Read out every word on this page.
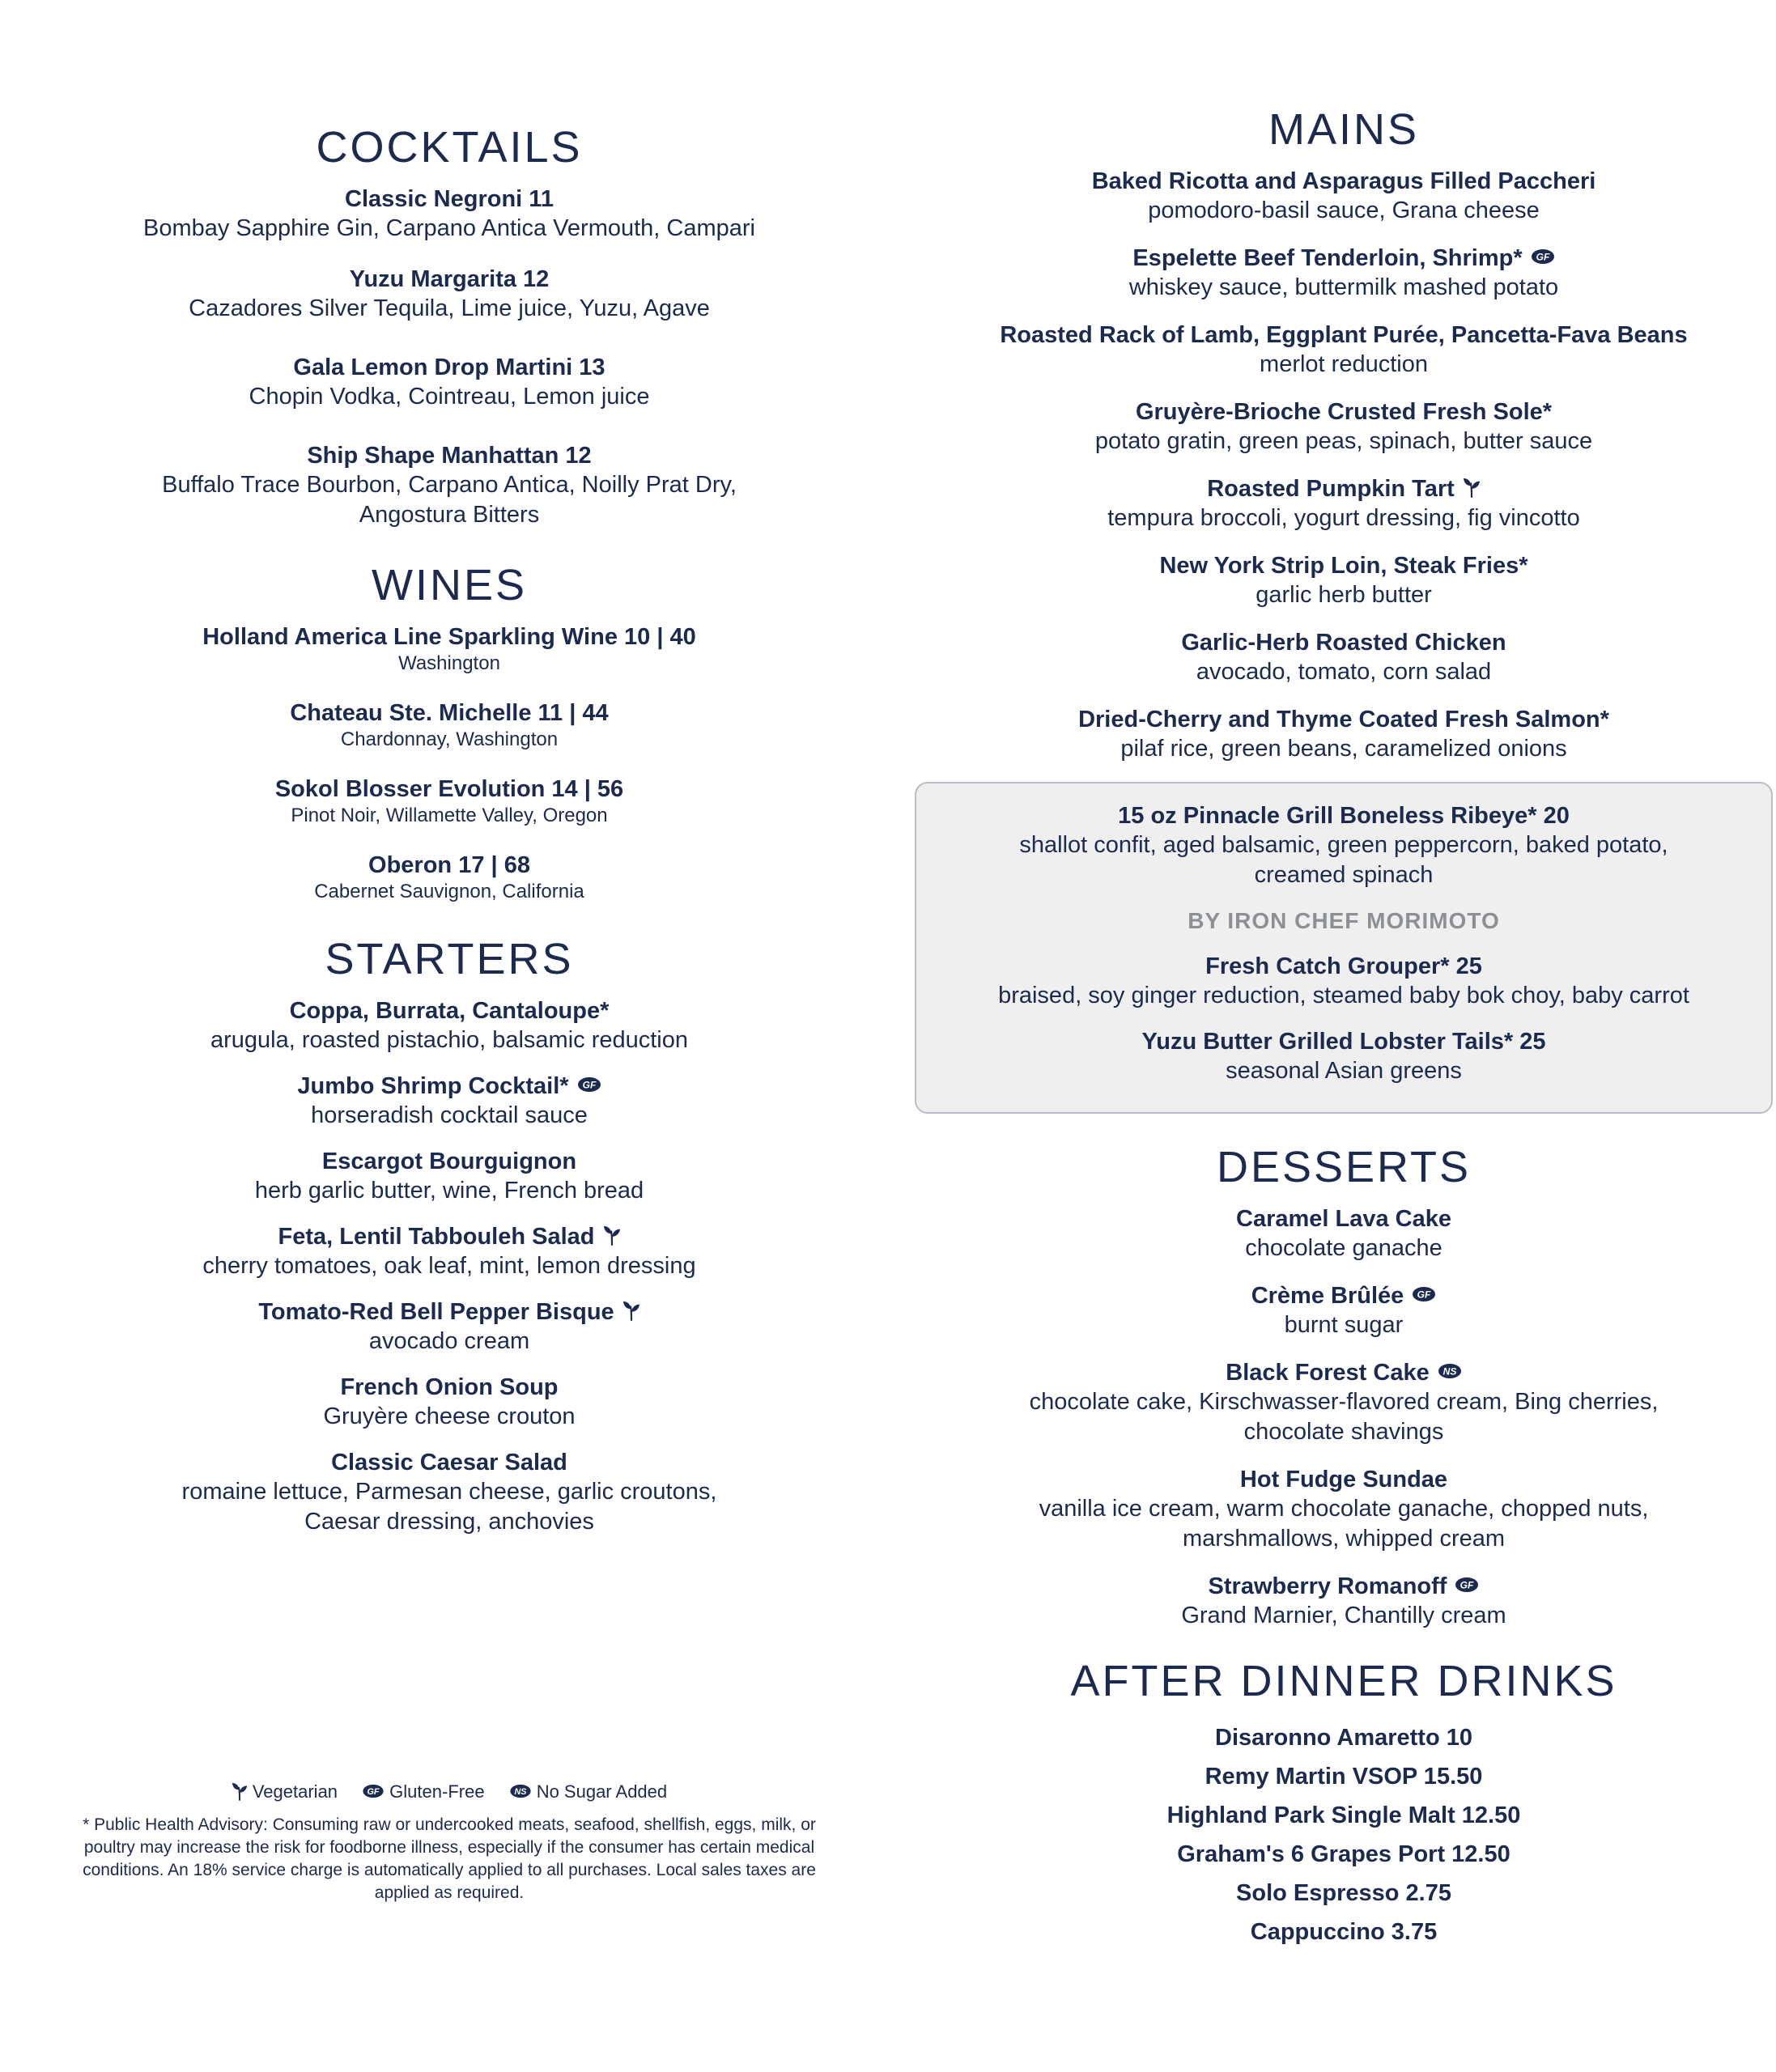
COCKTAILS
Classic Negroni 11
Bombay Sapphire Gin, Carpano Antica Vermouth, Campari
Yuzu Margarita 12
Cazadores Silver Tequila, Lime juice, Yuzu, Agave
Gala Lemon Drop Martini 13
Chopin Vodka, Cointreau, Lemon juice
Ship Shape Manhattan 12
Buffalo Trace Bourbon, Carpano Antica, Noilly Prat Dry,
Angostura Bitters
WINES
Holland America Line Sparkling Wine 10 | 40
Washington
Chateau Ste. Michelle 11 | 44
Chardonnay, Washington
Sokol Blosser Evolution 14 | 56
Pinot Noir, Willamette Valley, Oregon
Oberon 17 | 68
Cabernet Sauvignon, California
STARTERS
Coppa, Burrata, Cantaloupe*
arugula, roasted pistachio, balsamic reduction
Jumbo Shrimp Cocktail* GF
horseradish cocktail sauce
Escargot Bourguignon
herb garlic butter, wine, French bread
Feta, Lentil Tabbouleh Salad
cherry tomatoes, oak leaf, mint, lemon dressing
Tomato-Red Bell Pepper Bisque
avocado cream
French Onion Soup
Gruyère cheese crouton
Classic Caesar Salad
romaine lettuce, Parmesan cheese, garlic croutons,
Caesar dressing, anchovies
Vegetarian	GF Gluten-Free	NS No Sugar Added
* Public Health Advisory: Consuming raw or undercooked meats, seafood, shellfish, eggs, milk, or
poultry may increase the risk for foodborne illness, especially if the consumer has certain medical
conditions. An 18% service charge is automatically applied to all purchases. Local sales taxes are
applied as required.
MAINS
Baked Ricotta and Asparagus Filled Paccheri
pomodoro-basil sauce, Grana cheese
Espelette Beef Tenderloin, Shrimp* GF
whiskey sauce, buttermilk mashed potato
Roasted Rack of Lamb, Eggplant Purée, Pancetta-Fava Beans
merlot reduction
Gruyère-Brioche Crusted Fresh Sole*
potato gratin, green peas, spinach, butter sauce
Roasted Pumpkin Tart
tempura broccoli, yogurt dressing, fig vincotto
New York Strip Loin, Steak Fries*
garlic herb butter
Garlic-Herb Roasted Chicken
avocado, tomato, corn salad
Dried-Cherry and Thyme Coated Fresh Salmon*
pilaf rice, green beans, caramelized onions
15 oz Pinnacle Grill Boneless Ribeye* 20
shallot confit, aged balsamic, green peppercorn, baked potato,
creamed spinach
BY IRON CHEF MORIMOTO
Fresh Catch Grouper* 25
braised, soy ginger reduction, steamed baby bok choy, baby carrot
Yuzu Butter Grilled Lobster Tails* 25
seasonal Asian greens
DESSERTS
Caramel Lava Cake
chocolate ganache
Crème Brûlée GF
burnt sugar
Black Forest Cake NS
chocolate cake, Kirschwasser-flavored cream, Bing cherries,
chocolate shavings
Hot Fudge Sundae
vanilla ice cream, warm chocolate ganache, chopped nuts,
marshmallows, whipped cream
Strawberry Romanoff GF
Grand Marnier, Chantilly cream
AFTER DINNER DRINKS
Disaronno Amaretto 10
Remy Martin VSOP 15.50
Highland Park Single Malt 12.50
Graham's 6 Grapes Port 12.50
Solo Espresso 2.75
Cappuccino 3.75
